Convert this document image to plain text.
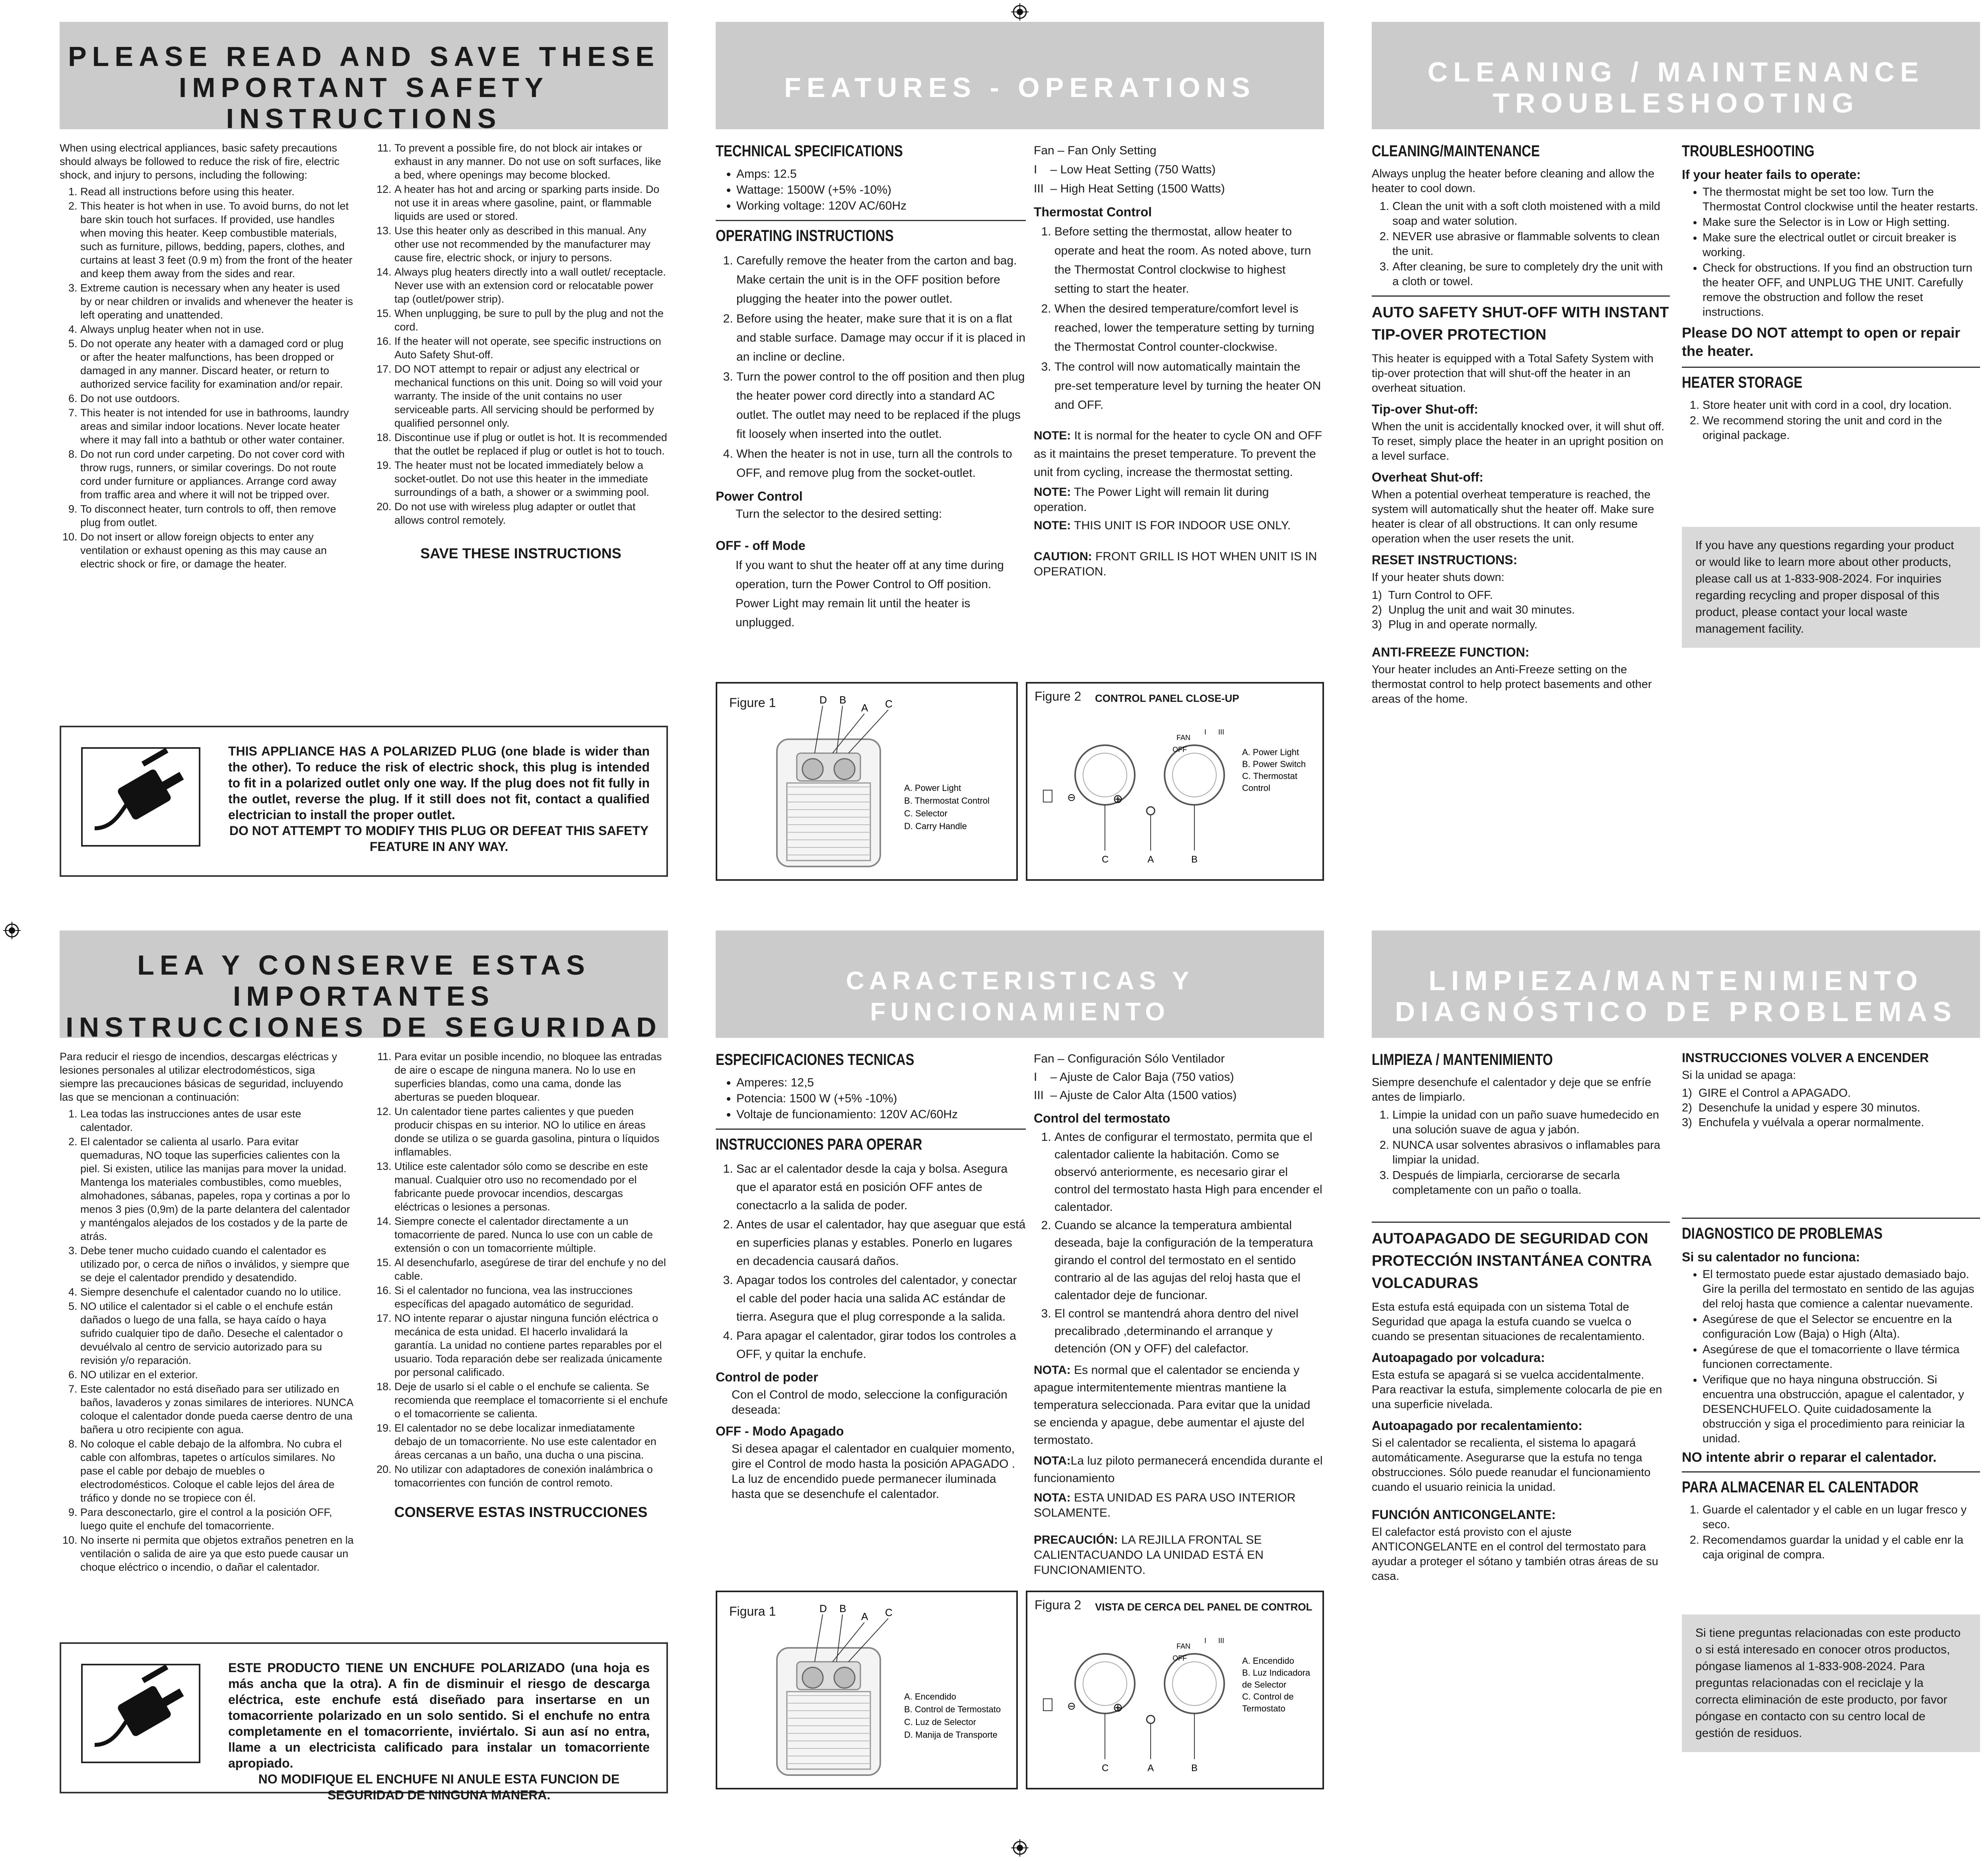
PLEASE READ AND SAVE THESE
IMPORTANT SAFETY INSTRUCTIONS

When using electrical appliances, basic safety precautions should always be followed to reduce the risk of fire, electric shock, and injury to persons, including the following:

1. Read all instructions before using this heater.
2. This heater is hot when in use. To avoid burns, do not let bare skin touch hot surfaces. If provided, use handles when moving this heater. Keep combustible materials, such as furniture, pillows, bedding, papers, clothes, and curtains at least 3 feet (0.9 m) from the front of the heater and keep them away from the sides and rear.
3. Extreme caution is necessary when any heater is used by or near children or invalids and whenever the heater is left operating and unattended.
4. Always unplug heater when not in use.
5. Do not operate any heater with a damaged cord or plug or after the heater malfunctions, has been dropped or damaged in any manner. Discard heater, or return to authorized service facility for examination and/or repair.
6. Do not use outdoors.
7. This heater is not intended for use in bathrooms, laundry areas and similar indoor locations. Never locate heater where it may fall into a bathtub or other water container.
8. Do not run cord under carpeting. Do not cover cord with throw rugs, runners, or similar coverings. Do not route cord under furniture or appliances. Arrange cord away from traffic area and where it will not be tripped over.
9. To disconnect heater, turn controls to off, then remove plug from outlet.
10. Do not insert or allow foreign objects to enter any ventilation or exhaust opening as this may cause an electric shock or fire, or damage the heater.
11. To prevent a possible fire, do not block air intakes or exhaust in any manner. Do not use on soft surfaces, like a bed, where openings may become blocked.
12. A heater has hot and arcing or sparking parts inside. Do not use it in areas where gasoline, paint, or flammable liquids are used or stored.
13. Use this heater only as described in this manual. Any other use not recommended by the manufacturer may cause fire, electric shock, or injury to persons.
14. Always plug heaters directly into a wall outlet/ receptacle. Never use with an extension cord or relocatable power tap (outlet/power strip).
15. When unplugging, be sure to pull by the plug and not the cord.
16. If the heater will not operate, see specific instructions on Auto Safety Shut-off.
17. DO NOT attempt to repair or adjust any electrical or mechanical functions on this unit. Doing so will void your warranty. The inside of the unit contains no user serviceable parts. All servicing should be performed by qualified personnel only.
18. Discontinue use if plug or outlet is hot. It is recommended that the outlet be replaced if plug or outlet is hot to touch.
19. The heater must not be located immediately below a socket-outlet. Do not use this heater in the immediate surroundings of a bath, a shower or a swimming pool.
20. Do not use with wireless plug adapter or outlet that allows control remotely.
SAVE THESE INSTRUCTIONS
THIS APPLIANCE HAS A POLARIZED PLUG (one blade is wider than the other). To reduce the risk of electric shock, this plug is intended to fit in a polarized outlet only one way. If the plug does not fit fully in the outlet, reverse the plug. If it still does not fit, contact a qualified electrician to install the proper outlet.
DO NOT ATTEMPT TO MODIFY THIS PLUG OR DEFEAT THIS SAFETY FEATURE IN ANY WAY.
FEATURES - OPERATIONS
TECHNICAL SPECIFICATIONS
• Amps: 12.5
• Wattage: 1500W (+5% -10%)
• Working voltage: 120V AC/60Hz
OPERATING INSTRUCTIONS
1. Carefully remove the heater from the carton and bag. Make certain the unit is in the OFF position before plugging the heater into the power outlet.
2. Before using the heater, make sure that it is on a flat and stable surface. Damage may occur if it is placed in an incline or decline.
3. Turn the power control to the off position and then plug the heater power cord directly into a standard AC outlet. The outlet may need to be replaced if the plugs fit loosely when inserted into the outlet.
4. When the heater is not in use, turn all the controls to OFF, and remove plug from the socket-outlet.
Power Control

Turn the selector to the desired setting:

OFF - off Mode

If you want to shut the heater off at any time during operation, turn the Power Control to Off position. Power Light may remain lit until the heater is unplugged.

Fan – Fan Only Setting
I    – Low Heat Setting (750 Watts)
III  – High Heat Setting (1500 Watts)
Thermostat Control
1. Before setting the thermostat, allow heater to operate and heat the room. As noted above, turn the Thermostat Control clockwise to highest setting to start the heater.
2. When the desired temperature/comfort level is reached, lower the temperature setting by turning the Thermostat Control counter-clockwise.
3. The control will now automatically maintain the pre-set temperature level by turning the heater ON and OFF.

NOTE: It is normal for the heater to cycle ON and OFF as it maintains the preset temperature. To prevent the unit from cycling, increase the thermostat setting.

NOTE: The Power Light will remain lit during operation.

NOTE: THIS UNIT IS FOR INDOOR USE ONLY.

CAUTION: FRONT GRILL IS HOT WHEN UNIT IS IN OPERATION.

Figure 1	D B
A C
A. Power Light
B. Thermostat Control
C. Selector
D. Carry Handle
Figure 2 CONTROL PANEL CLOSE-UP
⊖	⊕
I III
FAN
OFF
C	A	B
A. Power Light
B. Power Switch
C. Thermostat
Control
CLEANING / MAINTENANCE
TROUBLESHOOTING
CLEANING/MAINTENANCE

Always unplug the heater before cleaning and allow the heater to cool down.

1. Clean the unit with a soft cloth moistened with a mild soap and water solution.
2. NEVER use abrasive or flammable solvents to clean the unit.
3. After cleaning, be sure to completely dry the unit with a cloth or towel.
AUTO SAFETY SHUT-OFF WITH INSTANT TIP-OVER PROTECTION

This heater is equipped with a Total Safety System with tip-over protection that will shut-off the heater in an overheat situation.

Tip-over Shut-off:

When the unit is accidentally knocked over, it will shut off. To reset, simply place the heater in an upright position on a level surface.

Overheat Shut-off:

When a potential overheat temperature is reached, the system will automatically shut the heater off. Make sure heater is clear of all obstructions. It can only resume operation when the user resets the unit.

RESET INSTRUCTIONS:

If your heater shuts down:

1)  Turn Control to OFF.
2)  Unplug the unit and wait 30 minutes.
3)  Plug in and operate normally.
ANTI-FREEZE FUNCTION:

Your heater includes an Anti-Freeze setting on the thermostat control to help protect basements and other areas of the home.

TROUBLESHOOTING
If your heater fails to operate:
• The thermostat might be set too low. Turn the Thermostat Control clockwise until the heater restarts.
• Make sure the Selector is in Low or High setting.
• Make sure the electrical outlet or circuit breaker is working.
• Check for obstructions. If you find an obstruction turn the heater OFF, and UNPLUG THE UNIT. Carefully remove the obstruction and follow the reset instructions.
Please DO NOT attempt to open or repair the heater.
HEATER STORAGE
1. Store heater unit with cord in a cool, dry location.
2. We recommend storing the unit and cord in the original package.
If you have any questions regarding your product or would like to learn more about other products, please call us at 1-833-908-2024. For inquiries regarding recycling and proper disposal of this product, please contact your local waste management facility.
LEA Y CONSERVE ESTAS IMPORTANTES
INSTRUCCIONES DE SEGURIDAD

Para reducir el riesgo de incendios, descargas eléctricas y lesiones personales al utilizar electrodomésticos, siga siempre las precauciones básicas de seguridad, incluyendo las que se mencionan a continuación:

1. Lea todas las instrucciones antes de usar este calentador.
2. El calentador se calienta al usarlo. Para evitar quemaduras, NO toque las superficies calientes con la piel. Si existen, utilice las manijas para mover la unidad. Mantenga los materiales combustibles, como muebles, almohadones, sábanas, papeles, ropa y cortinas a por lo menos 3 pies (0,9m) de la parte delantera del calentador y manténgalos alejados de los costados y de la parte de atrás.
3. Debe tener mucho cuidado cuando el calentador es utilizado por, o cerca de niños o inválidos, y siempre que se deje el calentador prendido y desatendido.
4. Siempre desenchufe el calentador cuando no lo utilice.
5. NO utilice el calentador si el cable o el enchufe están dañados o luego de una falla, se haya caído o haya sufrido cualquier tipo de daño. Deseche el calentador o devuélvalo al centro de servicio autorizado para su revisión y/o reparación.
6. NO utilizar en el exterior.
7. Este calentador no está diseñado para ser utilizado en baños, lavaderos y zonas similares de interiores. NUNCA coloque el calentador donde pueda caerse dentro de una bañera u otro recipiente con agua.
8. No coloque el cable debajo de la alfombra. No cubra el cable con alfombras, tapetes o artículos similares. No pase el cable por debajo de muebles o electrodomésticos. Coloque el cable lejos del área de tráfico y donde no se tropiece con él.
9. Para desconectarlo, gire el control a la posición OFF, luego quite el enchufe del tomacorriente.
10. No inserte ni permita que objetos extraños penetren en la ventilación o salida de aire ya que esto puede causar un choque eléctrico o incendio, o dañar el calentador.
11. Para evitar un posible incendio, no bloquee las entradas de aire o escape de ninguna manera. No lo use en superficies blandas, como una cama, donde las aberturas se pueden bloquear.
12. Un calentador tiene partes calientes y que pueden producir chispas en su interior. NO lo utilice en áreas donde se utiliza o se guarda gasolina, pintura o líquidos inflamables.
13. Utilice este calentador sólo como se describe en este manual. Cualquier otro uso no recomendado por el fabricante puede provocar incendios, descargas eléctricas o lesiones a personas.
14. Siempre conecte el calentador directamente a un tomacorriente de pared. Nunca lo use con un cable de extensión o con un tomacorriente múltiple.
15. Al desenchufarlo, asegúrese de tirar del enchufe y no del cable.
16. Si el calentador no funciona, vea las instrucciones específicas del apagado automático de seguridad.
17. NO intente reparar o ajustar ninguna función eléctrica o mecánica de esta unidad. El hacerlo invalidará la garantía. La unidad no contiene partes reparables por el usuario. Toda reparación debe ser realizada únicamente por personal calificado.
18. Deje de usarlo si el cable o el enchufe se calienta. Se recomienda que reemplace el tomacorriente si el enchufe o el tomacorriente se calienta.
19. El calentador no se debe localizar inmediatamente debajo de un tomacorriente. No use este calentador en áreas cercanas a un baño, una ducha o una piscina.
20. No utilizar con adaptadores de conexión inalámbrica o tomacorrientes con función de control remoto.
CONSERVE ESTAS INSTRUCCIONES
ESTE PRODUCTO TIENE UN ENCHUFE POLARIZADO (una hoja es más ancha que la otra). A fin de disminuir el riesgo de descarga eléctrica, este enchufe está diseñado para insertarse en un tomacorriente polarizado en un solo sentido. Si el enchufe no entra completamente en el tomacorriente, inviértalo. Si aun así no entra, llame a un electricista calificado para instalar un tomacorriente apropiado.
NO MODIFIQUE EL ENCHUFE NI ANULE ESTA FUNCION DE SEGURIDAD DE NINGUNA MANERA.
CARACTERISTICAS Y FUNCIONAMIENTO
ESPECIFICACIONES TECNICAS
• Amperes: 12,5
• Potencia: 1500 W (+5% -10%)
• Voltaje de funcionamiento: 120V AC/60Hz
INSTRUCCIONES PARA OPERAR
1. Sac ar el calentador desde la caja y bolsa. Asegura que el aparator está en posición OFF antes de conectacrlo a la salida de poder.
2. Antes de usar el calentador, hay que aseguar que está en superficies planas y estables. Ponerlo en lugares en decadencia causará daños.
3. Apagar todos los controles del calentador, y conectar el cable del poder hacia una salida AC estándar de tierra. Asegura que el plug corresponde a la salida.
4. Para apagar el calentador, girar todos los controles a OFF, y quitar la enchufe.
Control de poder

Con el Control de modo, seleccione la configuración deseada:

OFF - Modo Apagado

Si desea apagar el calentador en cualquier momento, gire el Control de modo hasta la posición APAGADO . La luz de encendido puede permanecer iluminada hasta que se desenchufe el calentador.

Fan – Configuración Sólo Ventilador
I    – Ajuste de Calor Baja (750 vatios)
III  – Ajuste de Calor Alta (1500 vatios)
Control del termostato
1. Antes de configurar el termostato, permita que el calentador caliente la habitación. Como se observó anteriormente, es necesario girar el control del termostato hasta High para encender el calentador.
2. Cuando se alcance la temperatura ambiental deseada, baje la configuración de la temperatura girando el control del termostato en el sentido contrario al de las agujas del reloj hasta que el calentador deje de funcionar.
3. El control se mantendrá ahora dentro del nivel precalibrado ,determinando el arranque y detención (ON y OFF) del calefactor.

NOTA: Es normal que el calentador se encienda y apague intermitentemente mientras mantiene la temperatura seleccionada. Para evitar que la unidad se encienda y apague, debe aumentar el ajuste del termostato.

NOTA:La luz piloto permanecerá encendida durante el funcionamiento

NOTA: ESTA UNIDAD ES PARA USO INTERIOR SOLAMENTE.

PRECAUCIÓN: LA REJILLA FRONTAL SE CALIENTACUANDO LA UNIDAD ESTÁ EN FUNCIONAMIENTO.

Figura 1	D B
A C
A. Encendido
B. Control de Termostato
C. Luz de Selector
D. Manija de Transporte
Figura 2 VISTA DE CERCA DEL PANEL DE CONTROL
⊖	⊕
I III
FAN
OFF
C	A	B
A. Encendido
B. Luz Indicadora
de Selector
C. Control de
Termostato
LIMPIEZA/MANTENIMIENTO
DIAGNÓSTICO DE PROBLEMAS
LIMPIEZA / MANTENIMIENTO

Siempre desenchufe el calentador y deje que se enfríe antes de limpiarlo.

1. Limpie la unidad con un paño suave humedecido en una solución suave de agua y jabón.
2. NUNCA usar solventes abrasivos o inflamables para limpiar la unidad.
3. Después de limpiarla, cerciorarse de secarla completamente con un paño o toalla.
AUTOAPAGADO DE SEGURIDAD CON PROTECCIÓN INSTANTÁNEA CONTRA VOLCADURAS

Esta estufa está equipada con un sistema Total de Seguridad que apaga la estufa cuando se vuelca o cuando se presentan situaciones de recalentamiento.

Autoapagado por volcadura:

Esta estufa se apagará si se vuelca accidentalmente. Para reactivar la estufa, simplemente colocarla de pie en una superficie nivelada.

Autoapagado por recalentamiento:

Si el calentador se recalienta, el sistema lo apagará automáticamente. Asegurarse que la estufa no tenga obstrucciones. Sólo puede reanudar el funcionamiento cuando el usuario reinicia la unidad.

FUNCIÓN ANTICONGELANTE:

El calefactor está provisto con el ajuste ANTICONGELANTE en el control del termostato para ayudar a proteger el sótano y también otras áreas de su casa.

INSTRUCCIONES VOLVER A ENCENDER

Si la unidad se apaga:

1)  GIRE el Control a APAGADO.
2)  Desenchufe la unidad y espere 30 minutos.
3)  Enchufela y vuélvala a operar normalmente.
DIAGNOSTICO DE PROBLEMAS
Si su calentador no funciona:
• El termostato puede estar ajustado demasiado bajo. Gire la perilla del termostato en sentido de las agujas del reloj hasta que comience a calentar nuevamente.
• Asegúrese de que el Selector se encuentre en la configuración Low (Baja) o High (Alta).
• Asegúrese de que el tomacorriente o llave térmica funcionen correctamente.
• Verifique que no haya ninguna obstrucción. Si encuentra una obstrucción, apague el calentador, y DESENCHUFELO. Quite cuidadosamente la obstrucción y siga el procedimiento para reiniciar la unidad.
NO intente abrir o reparar el calentador.
PARA ALMACENAR EL CALENTADOR
1. Guarde el calentador y el cable en un lugar fresco y seco.
2. Recomendamos guardar la unidad y el cable enr la caja original de compra.
Si tiene preguntas relacionadas con este producto o si está interesado en conocer otros productos, póngase liamenos al 1-833-908-2024. Para preguntas relacionadas con el reciclaje y la correcta eliminación de este producto, por favor póngase en contacto con su centro local de gestión de residuos.
